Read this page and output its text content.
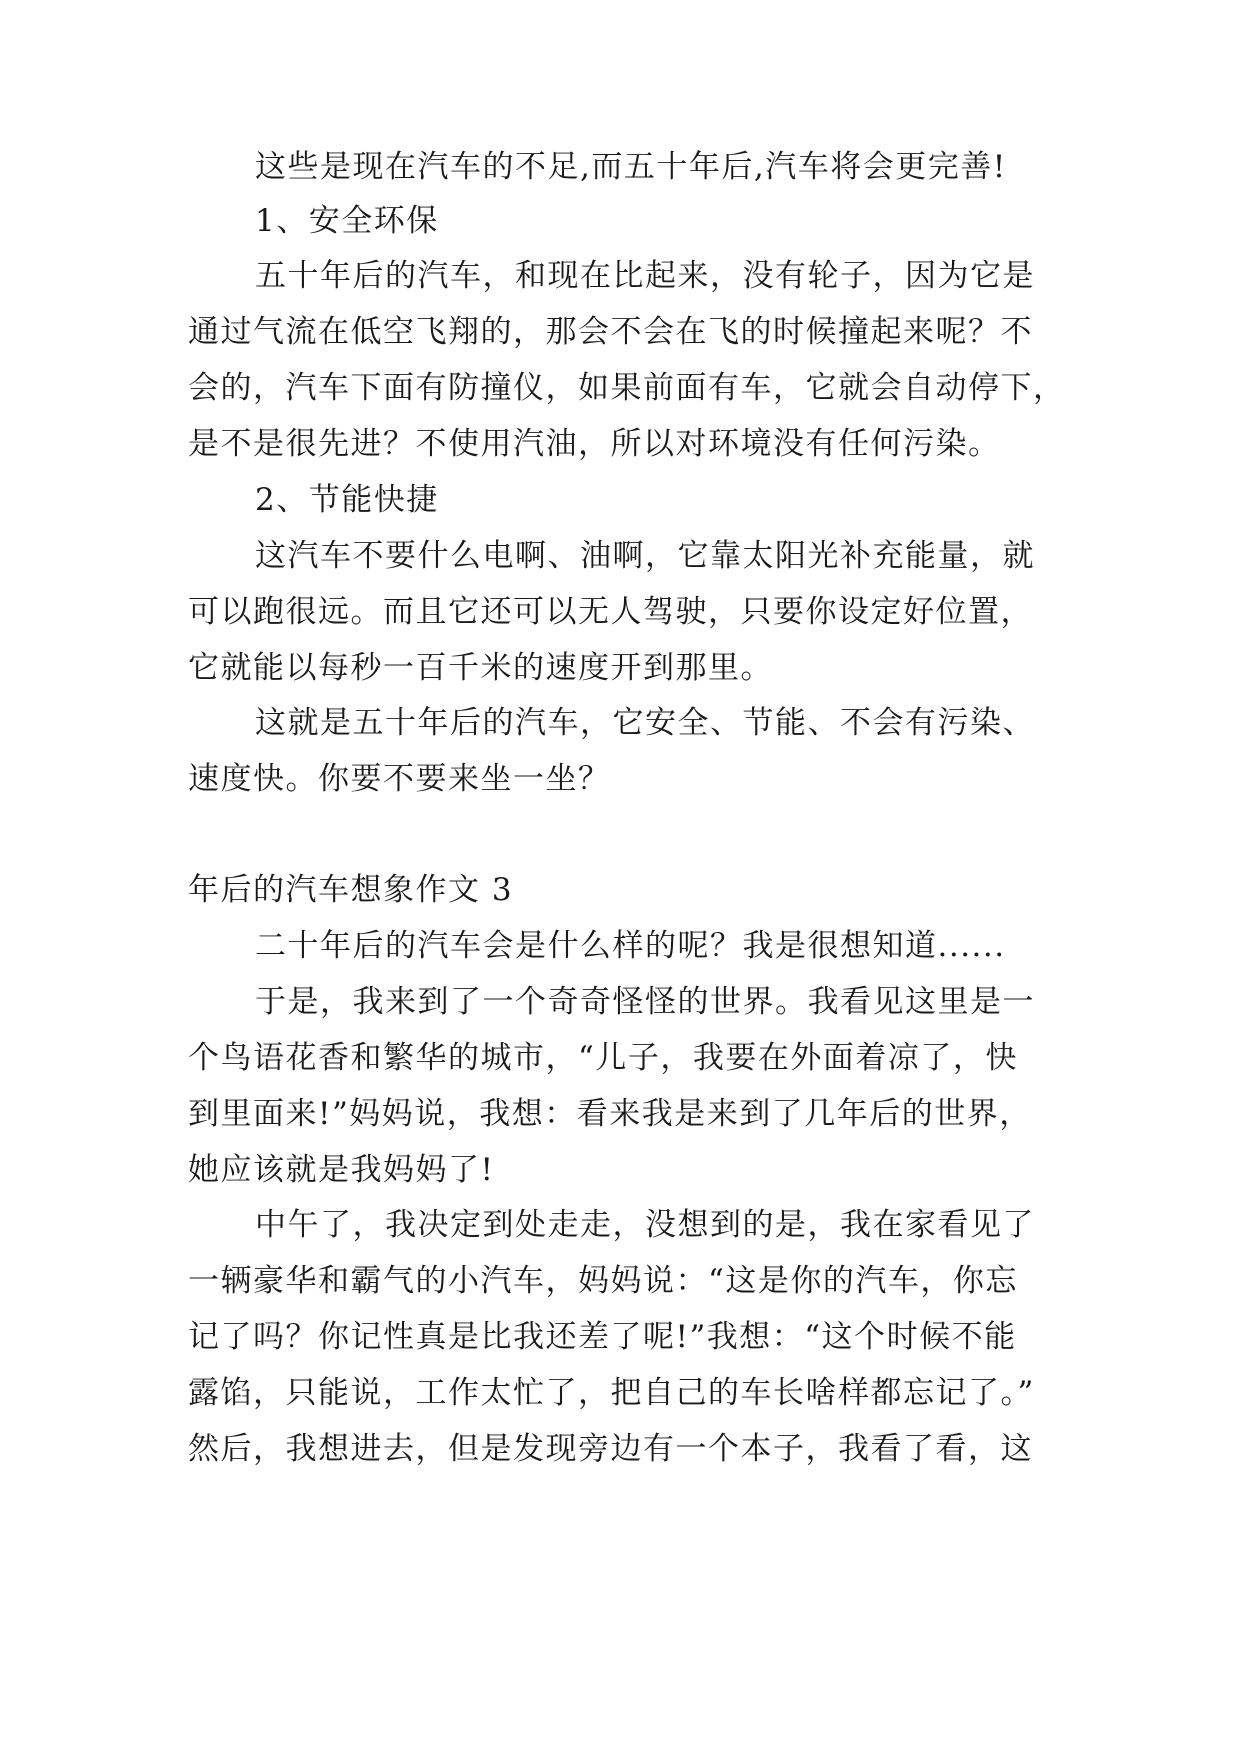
这些是现在汽车的不足,而五十年后,汽车将会更完善!
1、安全环保
五十年后的汽车，和现在比起来，没有轮子，因为它是
通过气流在低空飞翔的，那会不会在飞的时候撞起来呢？不
会的，汽车下面有防撞仪，如果前面有车，它就会自动停下，
是不是很先进？不使用汽油，所以对环境没有任何污染。
2、节能快捷
这汽车不要什么电啊、油啊，它靠太阳光补充能量，就
可以跑很远。而且它还可以无人驾驶，只要你设定好位置，
它就能以每秒一百千米的速度开到那里。
这就是五十年后的汽车，它安全、节能、不会有污染、
速度快。你要不要来坐一坐？
年后的汽车想象作文 3
二十年后的汽车会是什么样的呢？我是很想知道......
于是，我来到了一个奇奇怪怪的世界。我看见这里是一
个鸟语花香和繁华的城市，“儿子，我要在外面着凉了，快
到里面来!”妈妈说，我想：看来我是来到了几年后的世界，
她应该就是我妈妈了!
中午了，我决定到处走走，没想到的是，我在家看见了
一辆豪华和霸气的小汽车，妈妈说：“这是你的汽车，你忘
记了吗？你记性真是比我还差了呢!”我想：“这个时候不能
露馅，只能说，工作太忙了，把自己的车长啥样都忘记了。”
然后，我想进去，但是发现旁边有一个本子，我看了看，这
